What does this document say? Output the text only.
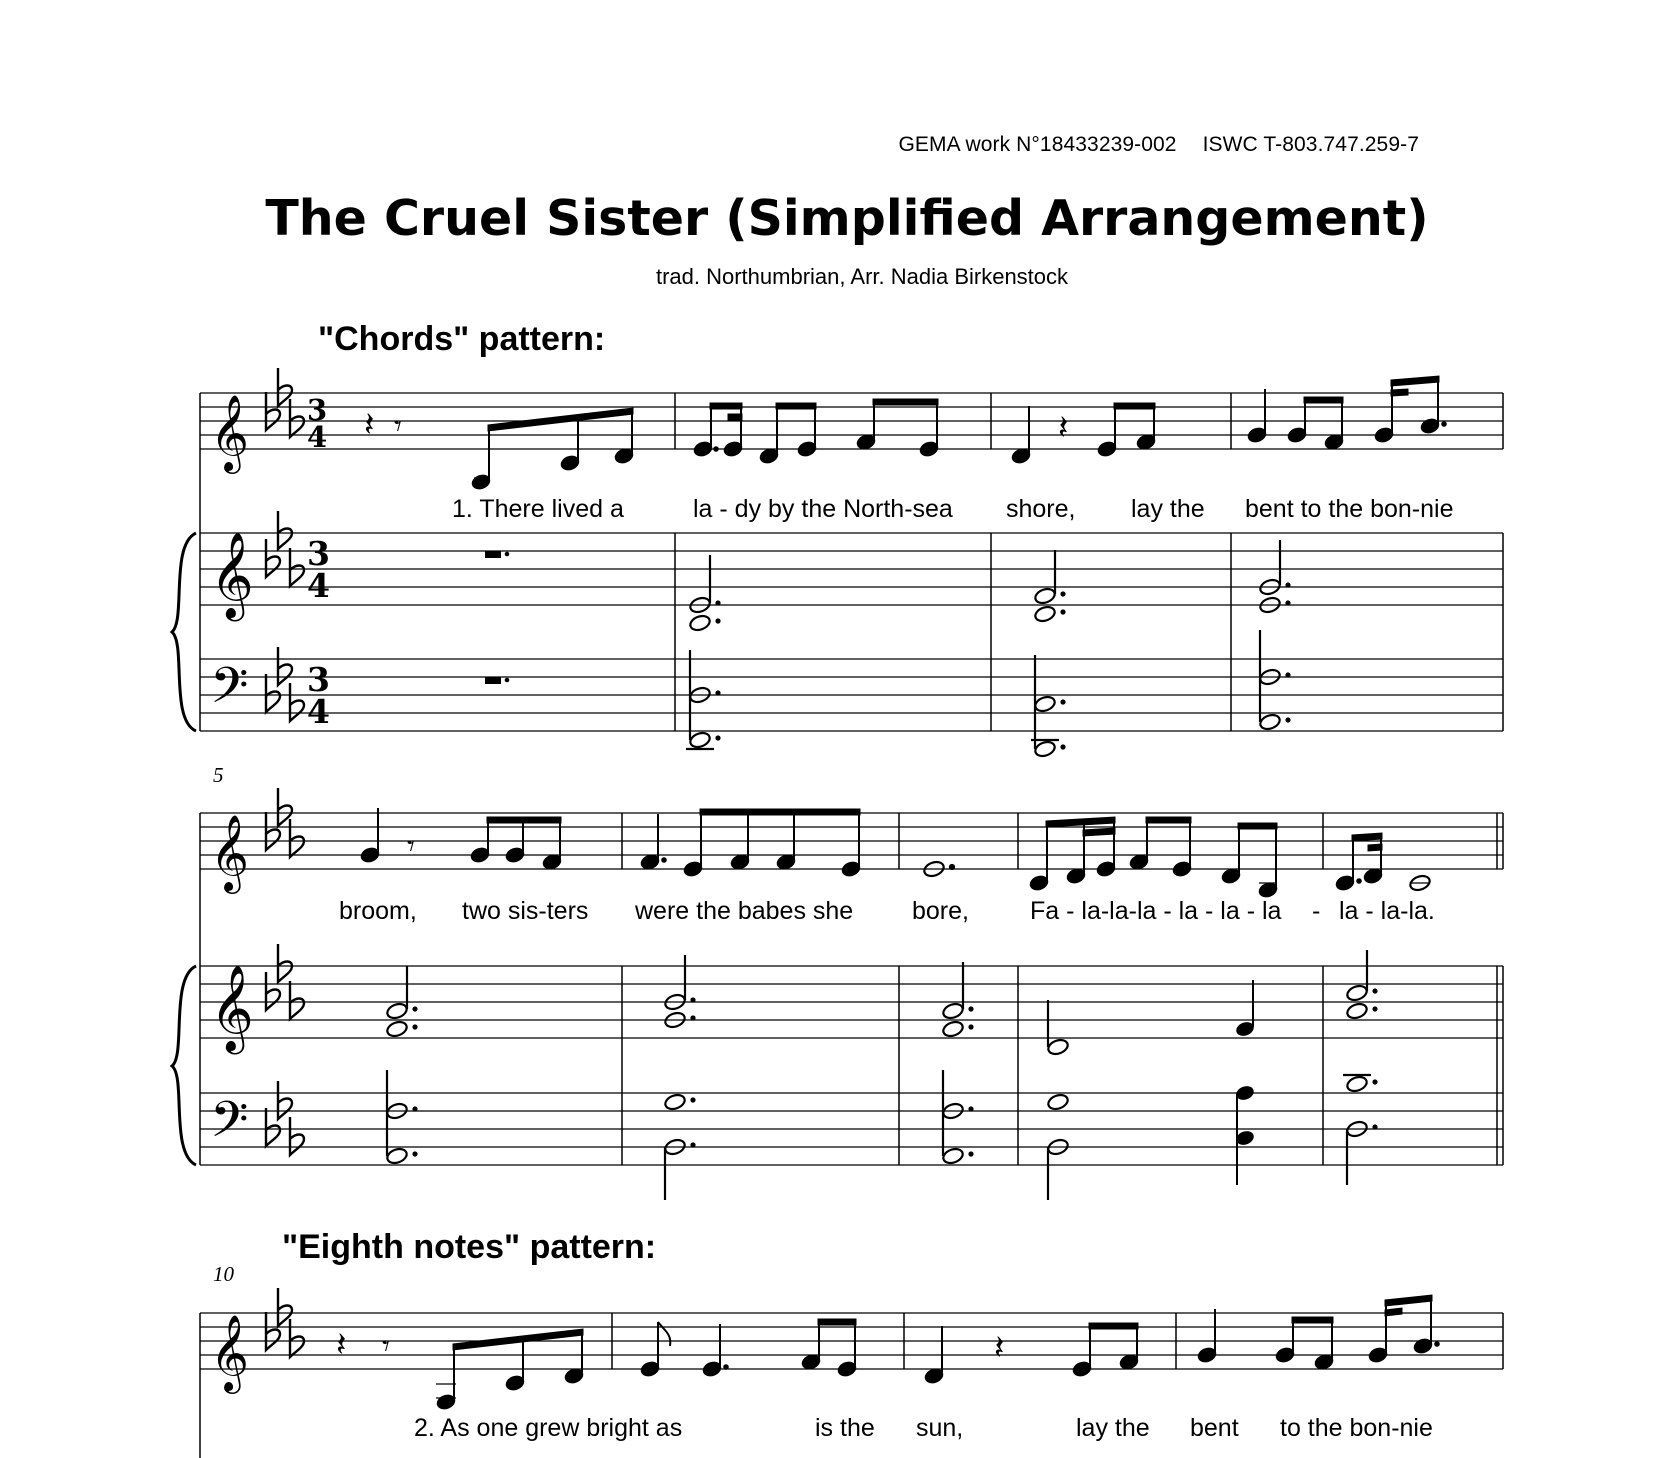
GEMA work N°18433239-002 ISWC T-803.747.259-7
The Cruel Sister (Simplified Arrangement)
trad. Northumbrian, Arr. Nadia Birkenstock
"Chords" pattern:
"Eighth notes" pattern:
5
10
1. There lived a	la - dy by the North-sea shore, lay the bent to the bon-nie
broom, two sis-ters were the babes she bore, Fa - la-la-la - la - la - la - la - la-la.
2. As one grew bright as	is the sun,	lay the bent to the bon-nie
𝄞
𝄞
𝄢
3
4
3
4
3
4
𝄽 𝄾	𝄽
𝄞
𝄞
𝄢
𝄾
𝄞	𝄽 𝄾	𝄽
